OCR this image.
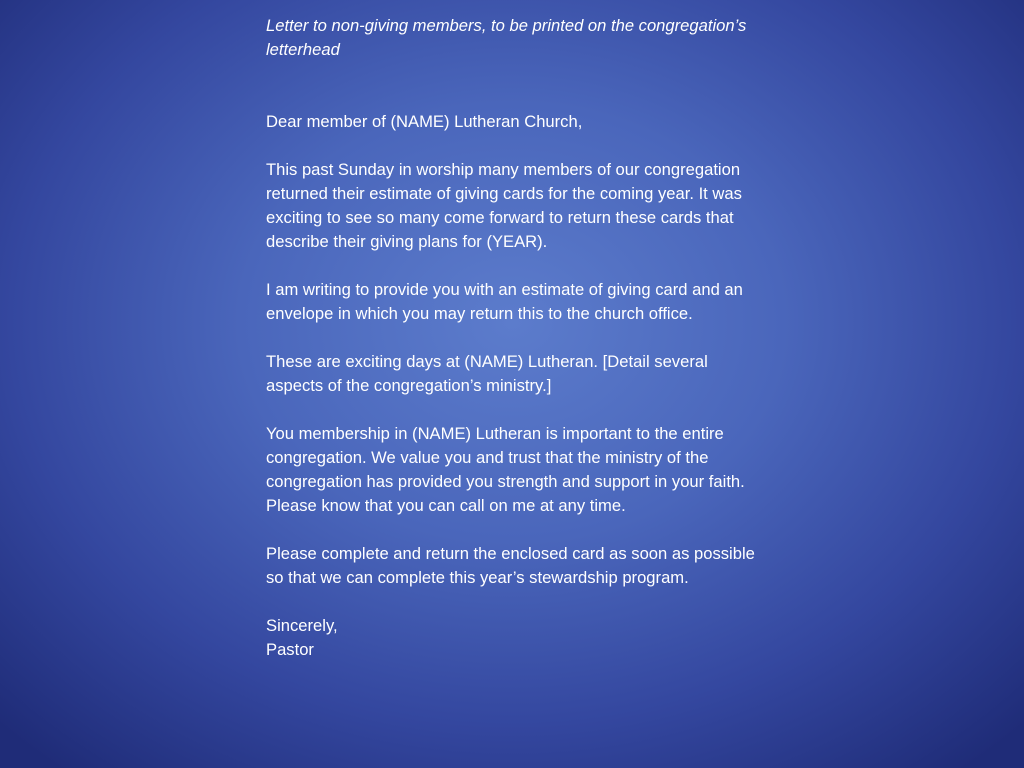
Letter to non-giving members, to be printed on the congregation’s letterhead

Dear member of (NAME) Lutheran Church,

This past Sunday in worship many members of our congregation returned their estimate of giving cards for the coming year. It was exciting to see so many come forward to return these cards that describe their giving plans for (YEAR).

I am writing to provide you with an estimate of giving card and an envelope in which you may return this to the church office.

These are exciting days at (NAME) Lutheran. [Detail several aspects of the congregation’s ministry.]

You membership in (NAME) Lutheran is important to the entire congregation. We value you and trust that the ministry of the congregation has provided you strength and support in your faith. Please know that you can call on me at any time.

Please complete and return the enclosed card as soon as possible so that we can complete this year’s stewardship program.

Sincerely,
Pastor
